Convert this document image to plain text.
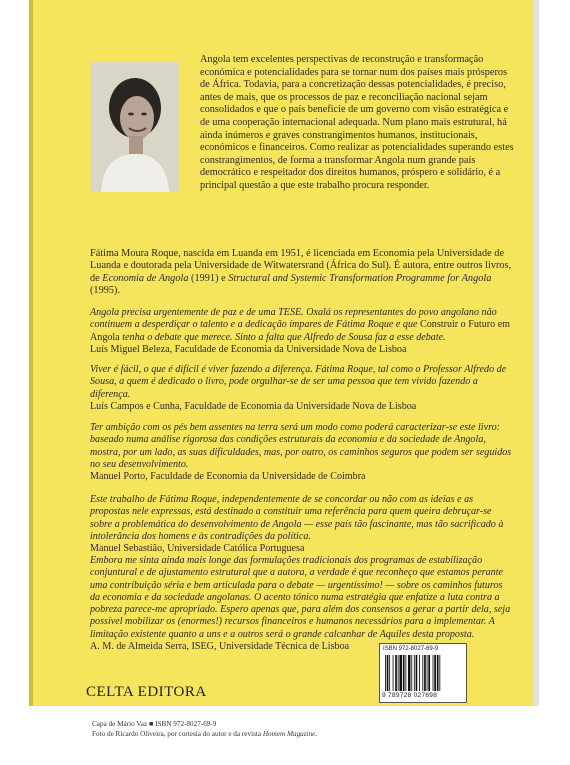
Angola tem excelentes perspectivas de reconstrução e transformação económica e potencialidades para se tornar num dos países mais prósperos de África. Todavia, para a concretização dessas potencialidades, é preciso, antes de mais, que os processos de paz e reconciliação nacional sejam consolidados e que o país beneficie de um governo com visão estratégica e de uma cooperação internacional adequada. Num plano mais estrutural, há ainda inúmeros e graves constrangimentos humanos, institucionais, económicos e financeiros. Como realizar as potencialidades superando estes constrangimentos, de forma a transformar Angola num grande país democrático e respeitador dos direitos humanos, próspero e solidário, é a principal questão a que este trabalho procura responder.

Fátima Moura Roque, nascida em Luanda em 1951, é licenciada em Economia pela Universidade de Luanda e doutorada pela Universidade de Witwatersrand (África do Sul). É autora, entre outros livros, de Economia de Angola (1991) e Structural and Systemic Transformation Programme for Angola (1995).

Angola precisa urgentemente de paz e de uma TESE. Oxalá os representantes do povo angolano não continuem a desperdiçar o talento e a dedicação ímpares de Fátima Roque e que Construir o Futuro em Angola tenha o debate que merece. Sinto a falta que Alfredo de Sousa faz a esse debate.
Luís Miguel Beleza, Faculdade de Economia da Universidade Nova de Lisboa

Viver é fácil, o que é difícil é viver fazendo a diferença. Fátima Roque, tal como o Professor Alfredo de Sousa, a quem é dedicado o livro, pode orgulhar-se de ser uma pessoa que tem vivido fazendo a diferença.
Luís Campos e Cunha, Faculdade de Economia da Universidade Nova de Lisboa

Ter ambição com os pés bem assentes na terra será um modo como poderá caracterizar-se este livro: baseado numa análise rigorosa das condições estruturais da economia e da sociedade de Angola, mostra, por um lado, as suas dificuldades, mas, por outro, os caminhos seguros que podem ser seguidos no seu desenvolvimento.
Manuel Porto, Faculdade de Economia da Universidade de Coimbra

Este trabalho de Fátima Roque, independentemente de se concordar ou não com as ideias e as propostas nele expressas, está destinado a constituir uma referência para quem queira debruçar-se sobre a problemática do desenvolvimento de Angola — esse país tão fascinante, mas tão sacrificado à intolerância dos homens e às contradições da política.
Manuel Sebastião, Universidade Católica Portuguesa

Embora me sinta ainda mais longe das formulações tradicionais dos programas de estabilização conjuntural e de ajustamento estrutural que a autora, a verdade é que reconheço que estamos perante uma contribuição séria e bem articulada para o debate — urgentíssimo! — sobre os caminhos futuros da economia e da sociedade angolanas. O acento tónico numa estratégia que enfatize a luta contra a pobreza parece-me apropriado. Espero apenas que, para além dos consensos a gerar a partir dela, seja possível mobilizar os (enormes!) recursos financeiros e humanos necessários para a implementar. A limitação existente quanto a uns e a outros será o grande calcanhar de Aquiles desta proposta.
A. M. de Almeida Serra, ISEG, Universidade Técnica de Lisboa

CELTA EDITORA
ISBN 972-8027-69-9
9 789728 027698

Capa de Mário Vaz ■ ISBN 972-8027-69-9
Foto de Ricardo Oliveira, por cortesia do autor e da revista Homem Magazine.
